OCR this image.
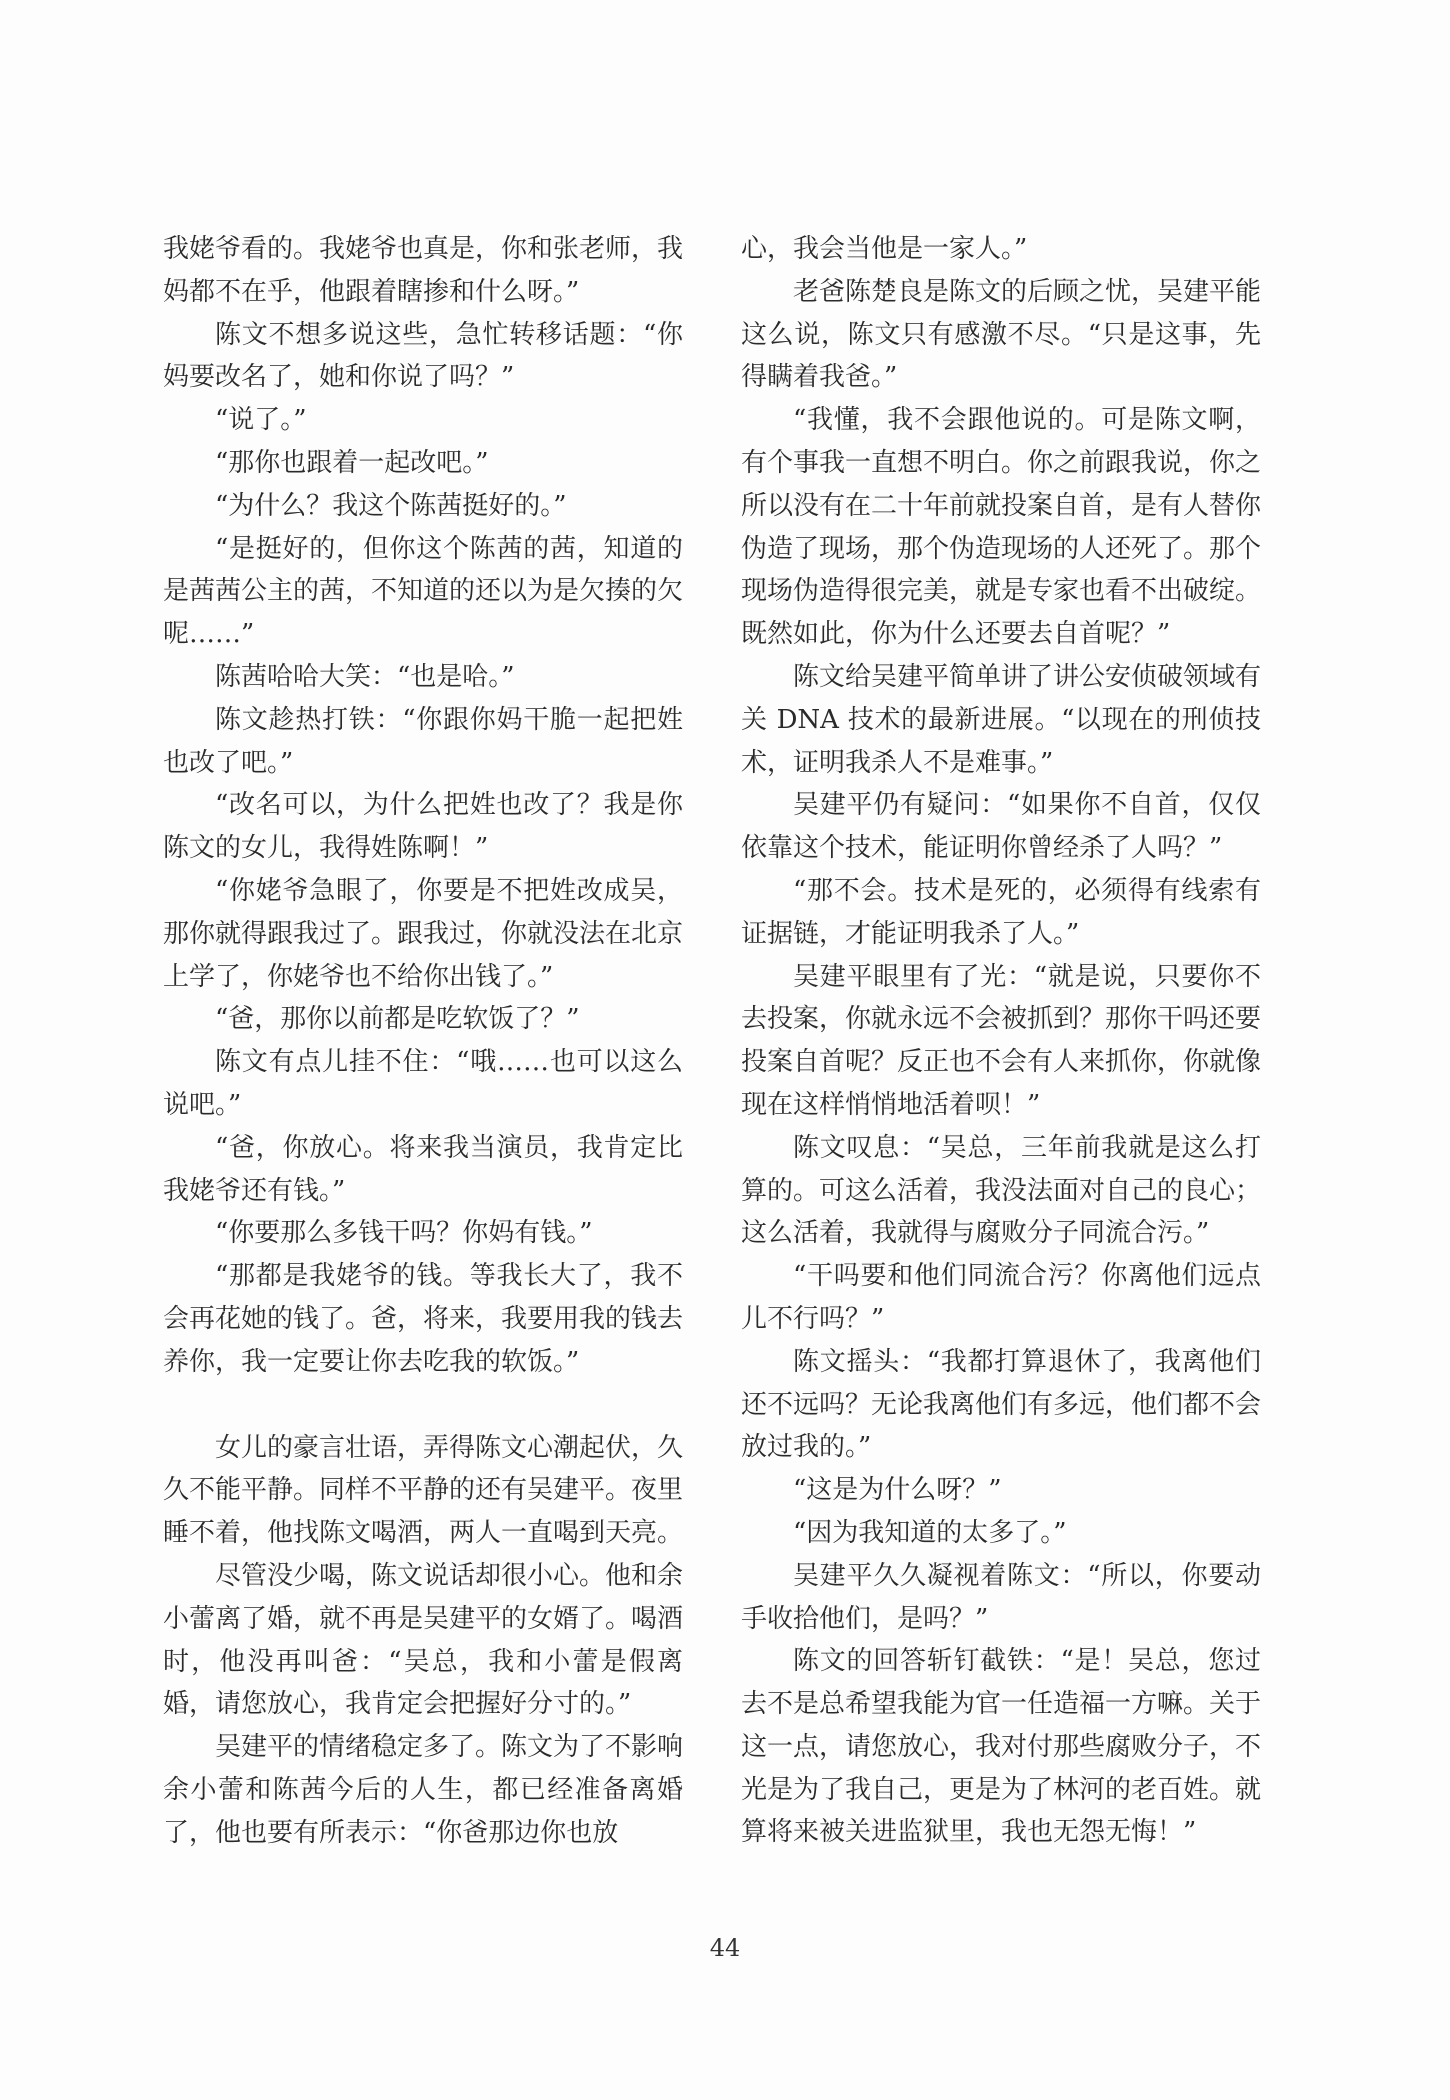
我姥爷看的。我姥爷也真是，你和张老师，我妈都不在乎，他跟着瞎掺和什么呀。”

陈文不想多说这些，急忙转移话题：“你妈要改名了，她和你说了吗？”

“说了。”

“那你也跟着一起改吧。”

“为什么？我这个陈茜挺好的。”

“是挺好的，但你这个陈茜的茜，知道的是茜茜公主的茜，不知道的还以为是欠揍的欠呢……”

陈茜哈哈大笑：“也是哈。”

陈文趁热打铁：“你跟你妈干脆一起把姓也改了吧。”

“改名可以，为什么把姓也改了？我是你陈文的女儿，我得姓陈啊！”

“你姥爷急眼了，你要是不把姓改成吴，那你就得跟我过了。跟我过，你就没法在北京上学了，你姥爷也不给你出钱了。”

“爸，那你以前都是吃软饭了？”

陈文有点儿挂不住：“哦……也可以这么说吧。”

“爸，你放心。将来我当演员，我肯定比我姥爷还有钱。”

“你要那么多钱干吗？你妈有钱。”

“那都是我姥爷的钱。等我长大了，我不会再花她的钱了。爸，将来，我要用我的钱去养你，我一定要让你去吃我的软饭。”

女儿的豪言壮语，弄得陈文心潮起伏，久久不能平静。同样不平静的还有吴建平。夜里睡不着，他找陈文喝酒，两人一直喝到天亮。

尽管没少喝，陈文说话却很小心。他和余小蕾离了婚，就不再是吴建平的女婿了。喝酒时，他没再叫爸：“吴总，我和小蕾是假离婚，请您放心，我肯定会把握好分寸的。”

吴建平的情绪稳定多了。陈文为了不影响余小蕾和陈茜今后的人生，都已经准备离婚了，他也要有所表示：“你爸那边你也放

心，我会当他是一家人。”

老爸陈楚良是陈文的后顾之忧，吴建平能这么说，陈文只有感激不尽。“只是这事，先得瞒着我爸。”

“我懂，我不会跟他说的。可是陈文啊，有个事我一直想不明白。你之前跟我说，你之所以没有在二十年前就投案自首，是有人替你伪造了现场，那个伪造现场的人还死了。那个现场伪造得很完美，就是专家也看不出破绽。既然如此，你为什么还要去自首呢？”

陈文给吴建平简单讲了讲公安侦破领域有关 DNA 技术的最新进展。“以现在的刑侦技术，证明我杀人不是难事。”

吴建平仍有疑问：“如果你不自首，仅仅依靠这个技术，能证明你曾经杀了人吗？”

“那不会。技术是死的，必须得有线索有证据链，才能证明我杀了人。”

吴建平眼里有了光：“就是说，只要你不去投案，你就永远不会被抓到？那你干吗还要投案自首呢？反正也不会有人来抓你，你就像现在这样悄悄地活着呗！”

陈文叹息：“吴总，三年前我就是这么打算的。可这么活着，我没法面对自己的良心；这么活着，我就得与腐败分子同流合污。”

“干吗要和他们同流合污？你离他们远点儿不行吗？”

陈文摇头：“我都打算退休了，我离他们还不远吗？无论我离他们有多远，他们都不会放过我的。”

“这是为什么呀？”

“因为我知道的太多了。”

吴建平久久凝视着陈文：“所以，你要动手收拾他们，是吗？”

陈文的回答斩钉截铁：“是！吴总，您过去不是总希望我能为官一任造福一方嘛。关于这一点，请您放心，我对付那些腐败分子，不光是为了我自己，更是为了林河的老百姓。就算将来被关进监狱里，我也无怨无悔！”

44
